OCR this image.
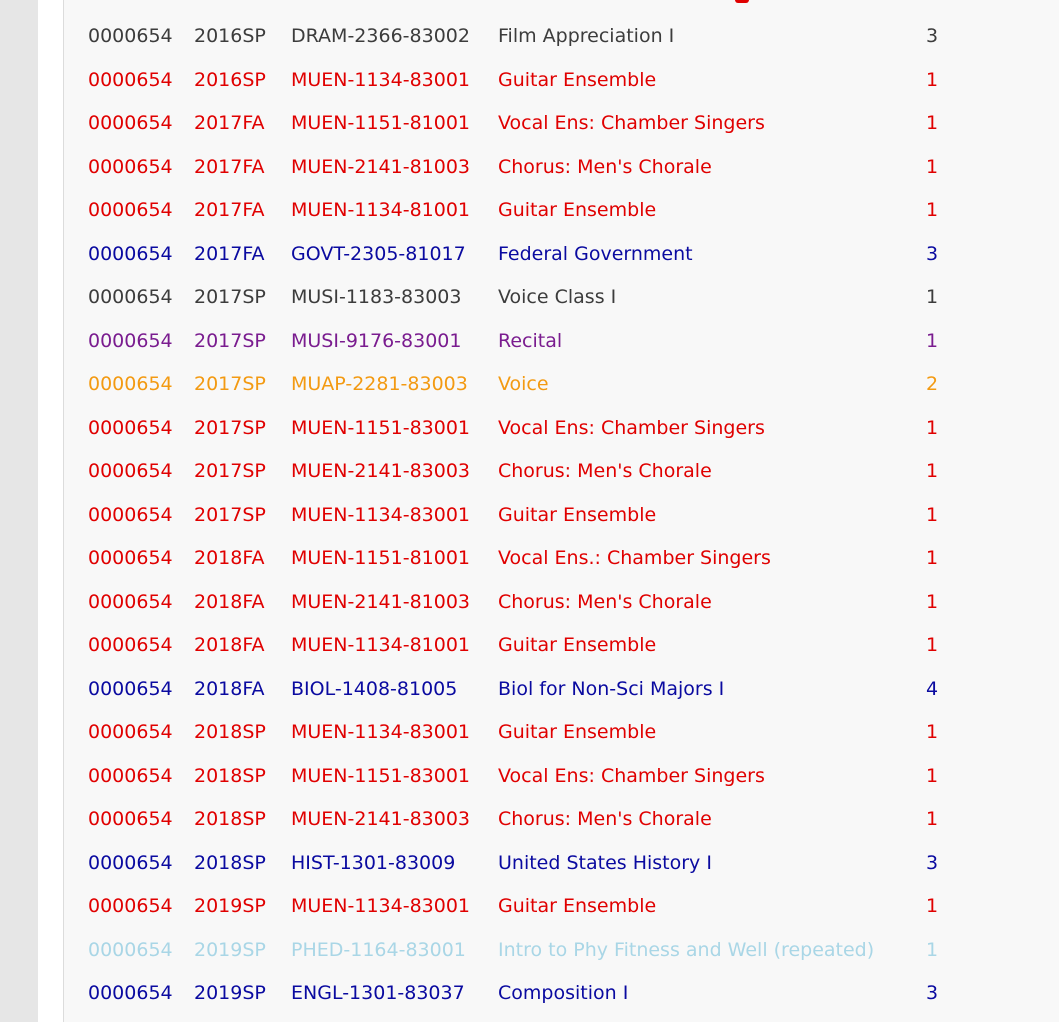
0000654 2016SP DRAM-2366-83002 Film Appreciation I	3
0000654 2016SP MUEN-1134-83001 Guitar Ensemble	1
0000654 2017FA MUEN-1151-81001 Vocal Ens: Chamber Singers	1
0000654 2017FA MUEN-2141-81003 Chorus: Men's Chorale	1
0000654 2017FA MUEN-1134-81001 Guitar Ensemble	1
0000654 2017FA GOVT-2305-81017 Federal Government	3
0000654 2017SP MUSI-1183-83003 Voice Class I	1
0000654 2017SP MUSI-9176-83001 Recital	1
0000654 2017SP MUAP-2281-83003 Voice	2
0000654 2017SP MUEN-1151-83001 Vocal Ens: Chamber Singers	1
0000654 2017SP MUEN-2141-83003 Chorus: Men's Chorale	1
0000654 2017SP MUEN-1134-83001 Guitar Ensemble	1
0000654 2018FA MUEN-1151-81001 Vocal Ens.: Chamber Singers	1
0000654 2018FA MUEN-2141-81003 Chorus: Men's Chorale	1
0000654 2018FA MUEN-1134-81001 Guitar Ensemble	1
0000654 2018FA BIOL-1408-81005 Biol for Non-Sci Majors I	4
0000654 2018SP MUEN-1134-83001 Guitar Ensemble	1
0000654 2018SP MUEN-1151-83001 Vocal Ens: Chamber Singers	1
0000654 2018SP MUEN-2141-83003 Chorus: Men's Chorale	1
0000654 2018SP HIST-1301-83009 United States History I	3
0000654 2019SP MUEN-1134-83001 Guitar Ensemble	1
0000654 2019SP PHED-1164-83001 Intro to Phy Fitness and Well (repeated)	1
0000654 2019SP ENGL-1301-83037 Composition I	3
